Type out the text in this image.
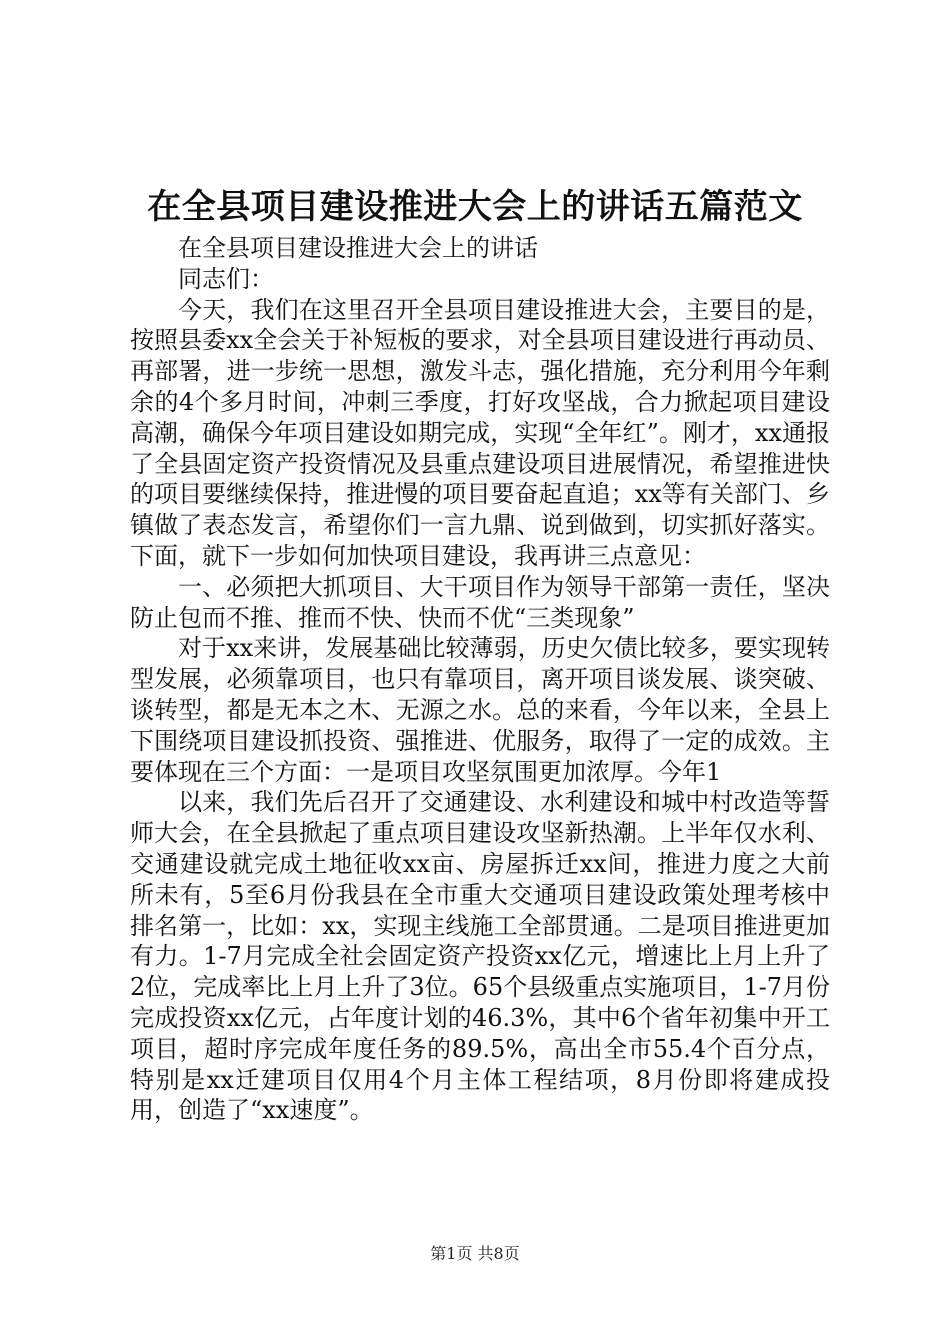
在全县项目建设推进大会上的讲话五篇范文

在全县项目建设推进大会上的讲话

同志们：

今天，我们在这里召开全县项目建设推进大会，主要目的是，按照县委xx全会关于补短板的要求，对全县项目建设进行再动员、再部署，进一步统一思想，激发斗志，强化措施，充分利用今年剩余的4个多月时间，冲刺三季度，打好攻坚战，合力掀起项目建设高潮，确保今年项目建设如期完成，实现“全年红”。刚才，xx通报了全县固定资产投资情况及县重点建设项目进展情况，希望推进快的项目要继续保持，推进慢的项目要奋起直追；xx等有关部门、乡镇做了表态发言，希望你们一言九鼎、说到做到，切实抓好落实。下面，就下一步如何加快项目建设，我再讲三点意见：

一、必须把大抓项目、大干项目作为领导干部第一责任，坚决防止包而不推、推而不快、快而不优“三类现象”

对于xx来讲，发展基础比较薄弱，历史欠债比较多，要实现转型发展，必须靠项目，也只有靠项目，离开项目谈发展、谈突破、谈转型，都是无本之木、无源之水。总的来看，今年以来，全县上下围绕项目建设抓投资、强推进、优服务，取得了一定的成效。主要体现在三个方面：一是项目攻坚氛围更加浓厚。今年1

以来，我们先后召开了交通建设、水利建设和城中村改造等誓师大会，在全县掀起了重点项目建设攻坚新热潮。上半年仅水利、交通建设就完成土地征收xx亩、房屋拆迁xx间，推进力度之大前所未有，5至6月份我县在全市重大交通项目建设政策处理考核中排名第一，比如：xx，实现主线施工全部贯通。二是项目推进更加有力。1-7月完成全社会固定资产投资xx亿元，增速比上月上升了2位，完成率比上月上升了3位。65个县级重点实施项目，1-7月份完成投资xx亿元，占年度计划的46.3%，其中6个省年初集中开工项目，超时序完成年度任务的89.5%，高出全市55.4个百分点，特别是xx迁建项目仅用4个月主体工程结项，8月份即将建成投用，创造了“xx速度”。

第1页 共8页
